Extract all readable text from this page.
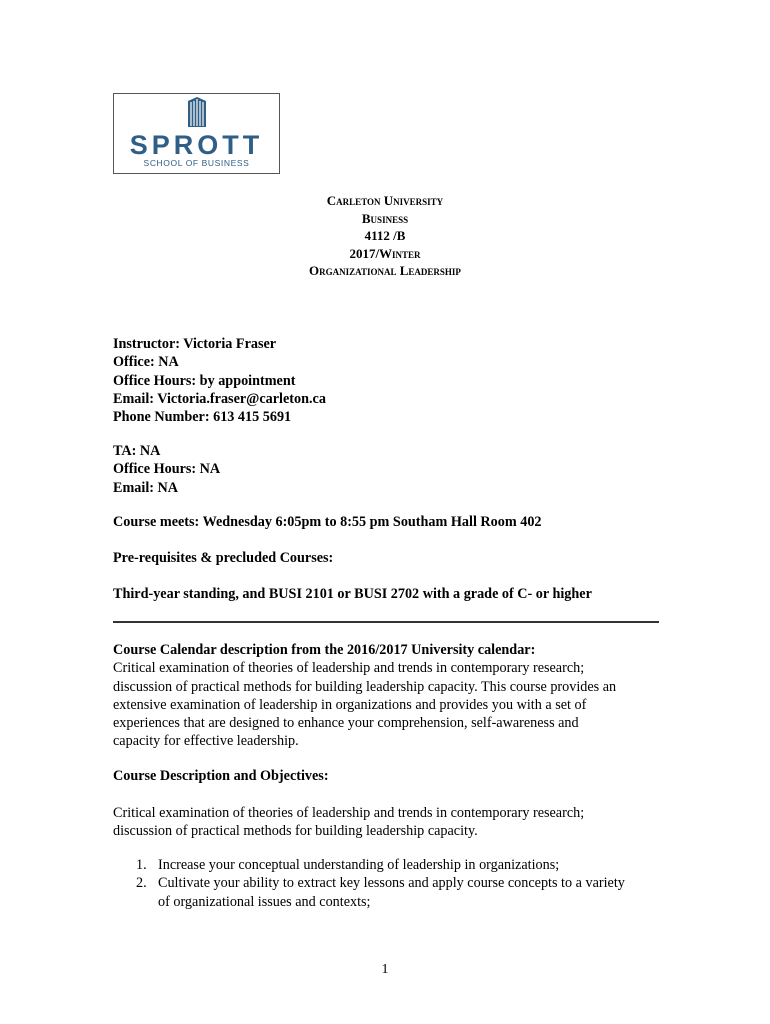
SPROTT
SCHOOL OF BUSINESS
Carleton University
Business
4112 /B
2017/Winter
Organizational Leadership
Instructor: Victoria Fraser
Office: NA
Office Hours: by appointment
Email: Victoria.fraser@carleton.ca
Phone Number: 613 415 5691
TA: NA
Office Hours: NA
Email: NA
Course meets: Wednesday 6:05pm to 8:55 pm Southam Hall Room 402
Pre-requisites & precluded Courses:
Third-year standing, and BUSI 2101 or BUSI 2702 with a grade of C- or higher
Course Calendar description from the 2016/2017 University calendar:
Critical examination of theories of leadership and trends in contemporary research;
discussion of practical methods for building leadership capacity. This course provides an
extensive examination of leadership in organizations and provides you with a set of
experiences that are designed to enhance your comprehension, self-awareness and
capacity for effective leadership.
Course Description and Objectives:
Critical examination of theories of leadership and trends in contemporary research;
discussion of practical methods for building leadership capacity.
1. Increase your conceptual understanding of leadership in organizations;
2. Cultivate your ability to extract key lessons and apply course concepts to a variety
of organizational issues and contexts;
1
